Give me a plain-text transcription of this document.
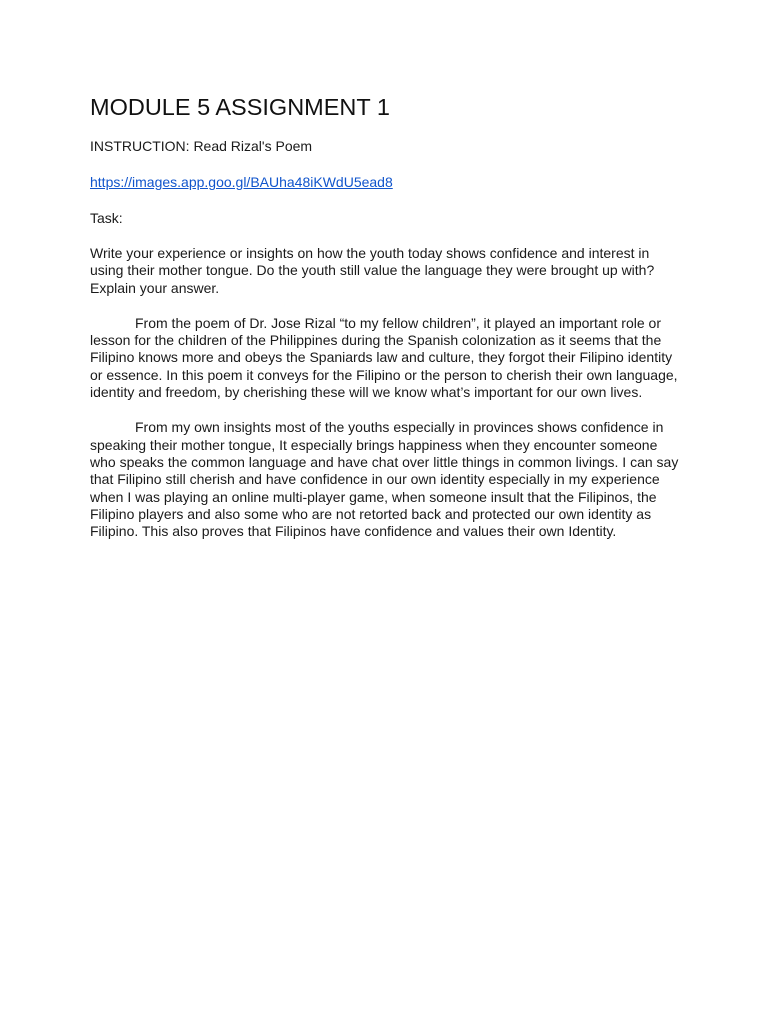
MODULE 5 ASSIGNMENT 1

INSTRUCTION: Read Rizal's Poem

https://images.app.goo.gl/BAUha48iKWdU5ead8

Task:

Write your experience or insights on how the youth today shows confidence and interest in using their mother tongue. Do the youth still value the language they were brought up with? Explain your answer.

From the poem of Dr. Jose Rizal “to my fellow children”, it played an important role or lesson for the children of the Philippines during the Spanish colonization as it seems that the Filipino knows more and obeys the Spaniards law and culture, they forgot their Filipino identity or essence. In this poem it conveys for the Filipino or the person to cherish their own language, identity and freedom, by cherishing these will we know what’s important for our own lives.

From my own insights most of the youths especially in provinces shows confidence in speaking their mother tongue, It especially brings happiness when they encounter someone who speaks the common language and have chat over little things in common livings. I can say that Filipino still cherish and have confidence in our own identity especially in my experience when I was playing an online multi-player game, when someone insult that the Filipinos, the Filipino players and also some who are not retorted back and protected our own identity as Filipino. This also proves that Filipinos have confidence and values their own Identity.
